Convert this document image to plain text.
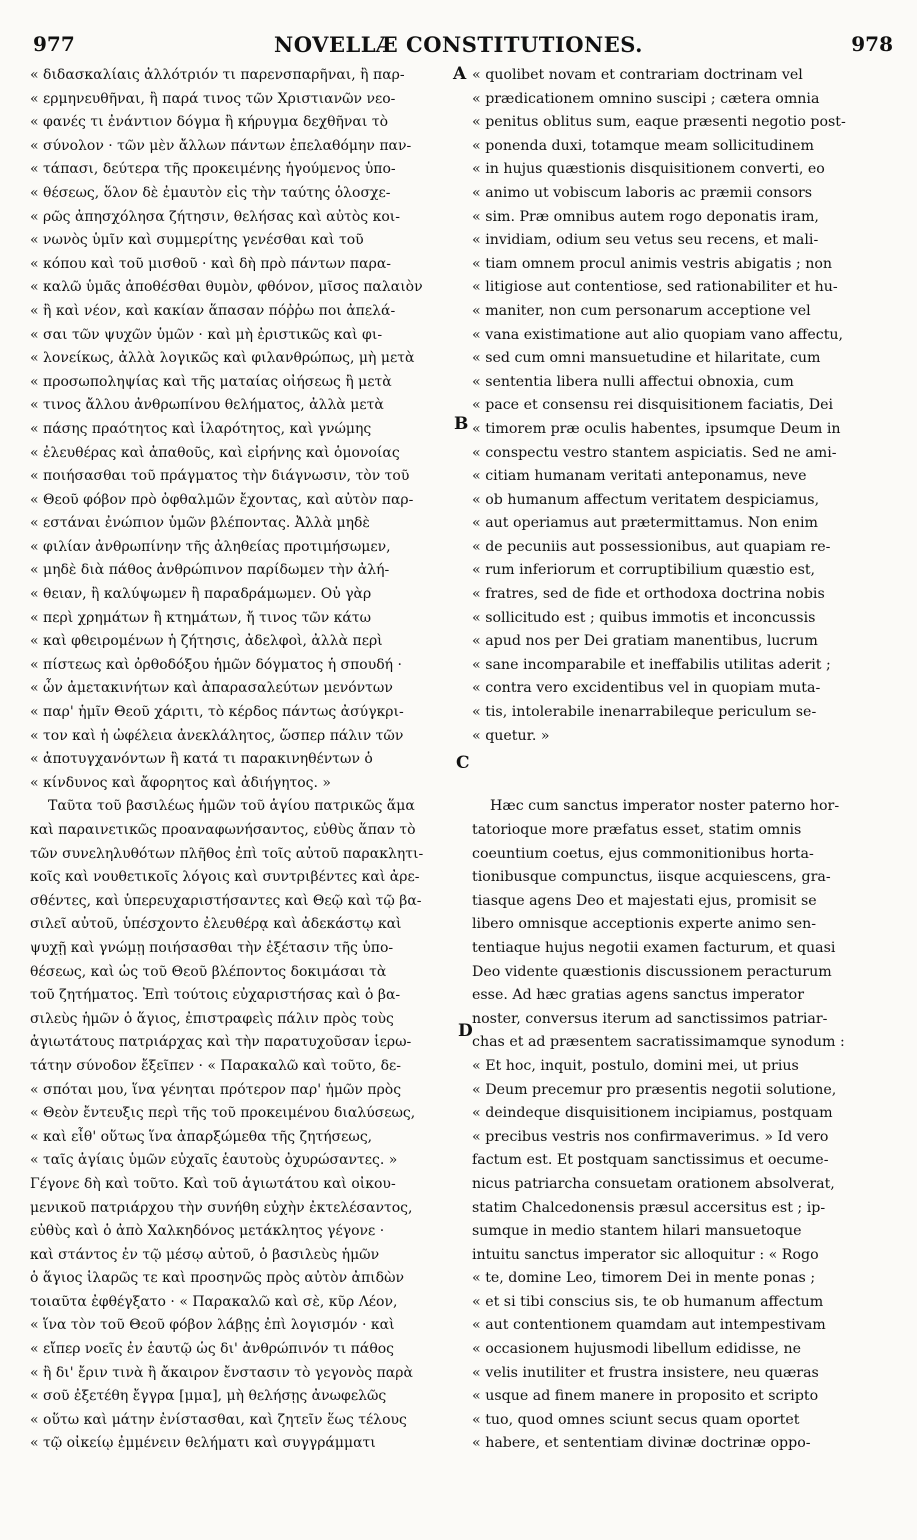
977	NOVELLÆ CONSTITUTIONES.	978
« διδασκαλίαις ἀλλότριόν τι παρενσπαρῆναι, ἢ παρ-
« ερμηνευθῆναι, ἢ παρά τινος τῶν Χριστιανῶν νεο-
« φανές τι ἐνάντιον δόγμα ἢ κήρυγμα δεχθῆναι τὸ
« σύνολον · τῶν μὲν ἄλλων πάντων ἐπελαθόμην παν-
« τάπασι, δεύτερα τῆς προκειμένης ἡγούμενος ὑπο-
« θέσεως, ὅλον δὲ ἐμαυτὸν εἰς τὴν ταύτης ὁλοσχε-
« ρῶς ἀπησχόλησα ζήτησιν, θελήσας καὶ αὐτὸς κοι-
« νωνὸς ὑμῖν καὶ συμμερίτης γενέσθαι καὶ τοῦ
« κόπου καὶ τοῦ μισθοῦ · καὶ δὴ πρὸ πάντων παρα-
« καλῶ ὑμᾶς ἀποθέσθαι θυμὸν, φθόνον, μῖσος παλαιὸν
« ἢ καὶ νέον, καὶ κακίαν ἅπασαν πόῤῥω ποι ἀπελά-
« σαι τῶν ψυχῶν ὑμῶν · καὶ μὴ ἐριστικῶς καὶ φι-
« λονείκως, ἀλλὰ λογικῶς καὶ φιλανθρώπως, μὴ μετὰ
« προσωποληψίας καὶ τῆς ματαίας οἰήσεως ἢ μετὰ
« τινος ἄλλου ἀνθρωπίνου θελήματος, ἀλλὰ μετὰ
« πάσης πραότητος καὶ ἱλαρότητος, καὶ γνώμης
« ἐλευθέρας καὶ ἀπαθοῦς, καὶ εἰρήνης καὶ ὁμονοίας
« ποιήσασθαι τοῦ πράγματος τὴν διάγνωσιν, τὸν τοῦ
« Θεοῦ φόβον πρὸ ὀφθαλμῶν ἔχοντας, καὶ αὐτὸν παρ-
« εστάναι ἐνώπιον ὑμῶν βλέποντας. Ἀλλὰ μηδὲ
« φιλίαν ἀνθρωπίνην τῆς ἀληθείας προτιμήσωμεν,
« μηδὲ διὰ πάθος ἀνθρώπινον παρίδωμεν τὴν ἀλή-
« θειαν, ἢ καλύψωμεν ἢ παραδράμωμεν. Οὐ γὰρ
« περὶ χρημάτων ἢ κτημάτων, ἤ τινος τῶν κάτω
« καὶ φθειρομένων ἡ ζήτησις, ἀδελφοὶ, ἀλλὰ περὶ
« πίστεως καὶ ὀρθοδόξου ἡμῶν δόγματος ἡ σπουδή ·
« ὧν ἀμετακινήτων καὶ ἀπαρασαλεύτων μενόντων
« παρ' ἡμῖν Θεοῦ χάριτι, τὸ κέρδος πάντως ἀσύγκρι-
« τον καὶ ἡ ὠφέλεια ἀνεκλάλητος, ὥσπερ πάλιν τῶν
« ἀποτυγχανόντων ἢ κατά τι παρακινηθέντων ὁ
« κίνδυνος καὶ ἄφορητος καὶ ἀδιήγητος. »
Ταῦτα τοῦ βασιλέως ἡμῶν τοῦ ἁγίου πατρικῶς ἅμα
καὶ παραινετικῶς προαναφωνήσαντος, εὐθὺς ἅπαν τὸ
τῶν συνεληλυθότων πλῆθος ἐπὶ τοῖς αὐτοῦ παρακλητι-
κοῖς καὶ νουθετικοῖς λόγοις καὶ συντριβέντες καὶ ἀρε-
σθέντες, καὶ ὑπερευχαριστήσαντες καὶ Θεῷ καὶ τῷ βα-
σιλεῖ αὐτοῦ, ὑπέσχοντο ἐλευθέρᾳ καὶ ἀδεκάστῳ καὶ
ψυχῇ καὶ γνώμῃ ποιήσασθαι τὴν ἐξέτασιν τῆς ὑπο-
θέσεως, καὶ ὡς τοῦ Θεοῦ βλέποντος δοκιμάσαι τὰ
τοῦ ζητήματος. Ἐπὶ τούτοις εὐχαριστήσας καὶ ὁ βα-
σιλεὺς ἡμῶν ὁ ἅγιος, ἐπιστραφεὶς πάλιν πρὸς τοὺς
ἁγιωτάτους πατριάρχας καὶ τὴν παρατυχοῦσαν ἱερω-
τάτην σύνοδον ἔξεῖπεν · « Παρακαλῶ καὶ τοῦτο, δε-
« σπόται μου, ἵνα γένηται πρότερον παρ' ἡμῶν πρὸς
« Θεὸν ἔντευξις περὶ τῆς τοῦ προκειμένου διαλύσεως,
« καὶ εἶθ' οὕτως ἵνα ἀπαρξώμεθα τῆς ζητήσεως,
« ταῖς ἁγίαις ὑμῶν εὐχαῖς ἑαυτοὺς ὀχυρώσαντες. »
Γέγονε δὴ καὶ τοῦτο. Καὶ τοῦ ἁγιωτάτου καὶ οἰκου-
μενικοῦ πατριάρχου τὴν συνήθη εὐχὴν ἐκτελέσαντος,
εὐθὺς καὶ ὁ ἀπὸ Χαλκηδόνος μετάκλητος γέγονε ·
καὶ στάντος ἐν τῷ μέσῳ αὐτοῦ, ὁ βασιλεὺς ἡμῶν
ὁ ἅγιος ἱλαρῶς τε καὶ προσηνῶς πρὸς αὐτὸν ἀπιδὼν
τοιαῦτα ἐφθέγξατο · « Παρακαλῶ καὶ σὲ, κῦρ Λέον,
« ἵνα τὸν τοῦ Θεοῦ φόβον λάβῃς ἐπὶ λογισμόν · καὶ
« εἴπερ νοεῖς ἐν ἑαυτῷ ὡς δι' ἀνθρώπινόν τι πάθος
« ἢ δι' ἔριν τινὰ ἢ ἄκαιρον ἔνστασιν τὸ γεγονὸς παρὰ
« σοῦ ἐξετέθη ἔγγρα [μμα], μὴ θελήσῃς ἀνωφελῶς
« οὕτω καὶ μάτην ἐνίστασθαι, καὶ ζητεῖν ἕως τέλους
« τῷ οἰκείῳ ἐμμένειν θελήματι καὶ συγγράμματι
« quolibet novam et contrariam doctrinam vel
« prædicationem omnino suscipi ; cætera omnia
« penitus oblitus sum, eaque præsenti negotio post-
« ponenda duxi, totamque meam sollicitudinem
« in hujus quæstionis disquisitionem converti, eo
« animo ut vobiscum laboris ac præmii consors
« sim. Præ omnibus autem rogo deponatis iram,
« invidiam, odium seu vetus seu recens, et mali-
« tiam omnem procul animis vestris abigatis ; non
« litigiose aut contentiose, sed rationabiliter et hu-
« maniter, non cum personarum acceptione vel
« vana existimatione aut alio quopiam vano affectu,
« sed cum omni mansuetudine et hilaritate, cum
« sententia libera nulli affectui obnoxia, cum
« pace et consensu rei disquisitionem faciatis, Dei
« timorem præ oculis habentes, ipsumque Deum in
« conspectu vestro stantem aspiciatis. Sed ne ami-
« citiam humanam veritati anteponamus, neve
« ob humanum affectum veritatem despiciamus,
« aut operiamus aut prætermittamus. Non enim
« de pecuniis aut possessionibus, aut quapiam re-
« rum inferiorum et corruptibilium quæstio est,
« fratres, sed de fide et orthodoxa doctrina nobis
« sollicitudo est ; quibus immotis et inconcussis
« apud nos per Dei gratiam manentibus, lucrum
« sane incomparabile et ineffabilis utilitas aderit ;
« contra vero excidentibus vel in quopiam muta-
« tis, intolerabile inenarrabileque periculum se-
« quetur. »
Hæc cum sanctus imperator noster paterno hor-
tatorioque more præfatus esset, statim omnis
coeuntium coetus, ejus commonitionibus horta-
tionibusque compunctus, iisque acquiescens, gra-
tiasque agens Deo et majestati ejus, promisit se
libero omnisque acceptionis experte animo sen-
tentiaque hujus negotii examen facturum, et quasi
Deo vidente quæstionis discussionem peracturum
esse. Ad hæc gratias agens sanctus imperator
noster, conversus iterum ad sanctissimos patriar-
chas et ad præsentem sacratissimamque synodum :
« Et hoc, inquit, postulo, domini mei, ut prius
« Deum precemur pro præsentis negotii solutione,
« deindeque disquisitionem incipiamus, postquam
« precibus vestris nos confirmaverimus. » Id vero
factum est. Et postquam sanctissimus et oecume-
nicus patriarcha consuetam orationem absolverat,
statim Chalcedonensis præsul accersitus est ; ip-
sumque in medio stantem hilari mansuetoque
intuitu sanctus imperator sic alloquitur : « Rogo
« te, domine Leo, timorem Dei in mente ponas ;
« et si tibi conscius sis, te ob humanum affectum
« aut contentionem quamdam aut intempestivam
« occasionem hujusmodi libellum edidisse, ne
« velis inutiliter et frustra insistere, neu quæras
« usque ad finem manere in proposito et scripto
« tuo, quod omnes sciunt secus quam oportet
« habere, et sententiam divinæ doctrinæ oppo-
A
B
C
D
